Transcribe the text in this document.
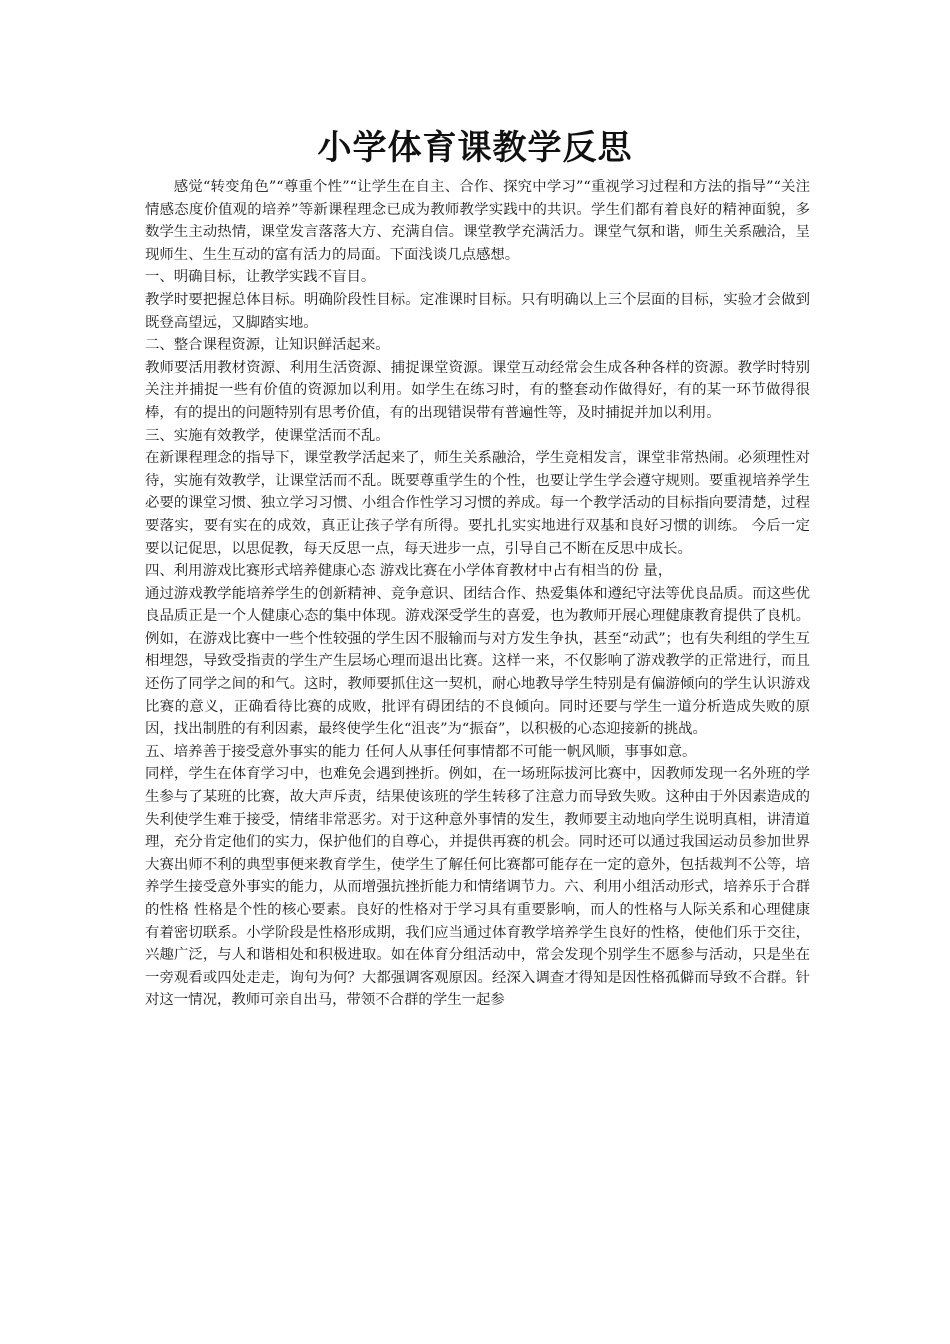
小学体育课教学反思

感觉“转变角色”“尊重个性”“让学生在自主、合作、探究中学习”“重视学习过程和方法的指导”“关注情感态度价值观的培养”等新课程理念已成为教师教学实践中的共识。学生们都有着良好的精神面貌，多数学生主动热情，课堂发言落落大方、充满自信。课堂教学充满活力。课堂气氛和谐，师生关系融洽，呈现师生、生生互动的富有活力的局面。下面浅谈几点感想。

一、明确目标，让教学实践不盲目。

教学时要把握总体目标。明确阶段性目标。定准课时目标。只有明确以上三个层面的目标，实验才会做到既登高望远，又脚踏实地。

二、整合课程资源，让知识鲜活起来。

教师要活用教材资源、利用生活资源、捕捉课堂资源。课堂互动经常会生成各种各样的资源。教学时特别关注并捕捉一些有价值的资源加以利用。如学生在练习时，有的整套动作做得好，有的某一环节做得很棒，有的提出的问题特别有思考价值，有的出现错误带有普遍性等，及时捕捉并加以利用。

三、实施有效教学，使课堂活而不乱。

在新课程理念的指导下，课堂教学活起来了，师生关系融洽，学生竞相发言，课堂非常热闹。必须理性对待，实施有效教学，让课堂活而不乱。既要尊重学生的个性，也要让学生学会遵守规则。要重视培养学生必要的课堂习惯、独立学习习惯、小组合作性学习习惯的养成。每一个教学活动的目标指向要清楚，过程要落实，要有实在的成效，真正让孩子学有所得。要扎扎实实地进行双基和良好习惯的训练。 今后一定要以记促思，以思促教，每天反思一点，每天进步一点，引导自己不断在反思中成长。

四、利用游戏比赛形式培养健康心态 游戏比赛在小学体育教材中占有相当的份 量，

通过游戏教学能培养学生的创新精神、竞争意识、团结合作、热爱集体和遵纪守法等优良品质。而这些优良品质正是一个人健康心态的集中体现。游戏深受学生的喜爱，也为教师开展心理健康教育提供了良机。例如，在游戏比赛中一些个性较强的学生因不服输而与对方发生争执，甚至“动武”；也有失利组的学生互相埋怨，导致受指责的学生产生层场心理而退出比赛。这样一来，不仅影响了游戏教学的正常进行，而且还伤了同学之间的和气。这时，教师要抓住这一契机，耐心地教导学生特别是有偏游倾向的学生认识游戏比赛的意义，正确看待比赛的成败，批评有碍团结的不良倾向。同时还要与学生一道分析造成失败的原因，找出制胜的有利因素，最终使学生化“沮丧”为“振奋”，以积极的心态迎接新的挑战。

五、培养善于接受意外事实的能力 任何人从事任何事情都不可能一帆风顺，事事如意。

同样，学生在体育学习中，也难免会遇到挫折。例如，在一场班际拔河比赛中，因教师发现一名外班的学生参与了某班的比赛，故大声斥责，结果使该班的学生转移了注意力而导致失败。这种由于外因素造成的失利使学生难于接受，情绪非常恶劣。对于这种意外事情的发生，教师要主动地向学生说明真相，讲清道理，充分肯定他们的实力，保护他们的自尊心，并提供再赛的机会。同时还可以通过我国运动员参加世界大赛出师不利的典型事便来教育学生，使学生了解任何比赛都可能存在一定的意外，包括裁判不公等，培养学生接受意外事实的能力，从而增强抗挫折能力和情绪调节力。六、利用小组活动形式，培养乐于合群的性格 性格是个性的核心要素。良好的性格对于学习具有重要影响，而人的性格与人际关系和心理健康有着密切联系。小学阶段是性格形成期，我们应当通过体育教学培养学生良好的性格，使他们乐于交往，兴趣广泛，与人和谐相处和积极进取。如在体育分组活动中，常会发现个别学生不愿参与活动，只是坐在一旁观看或四处走走，询句为何？大都强调客观原因。经深入调查才得知是因性格孤僻而导致不合群。针对这一情况，教师可亲自出马，带领不合群的学生一起参
